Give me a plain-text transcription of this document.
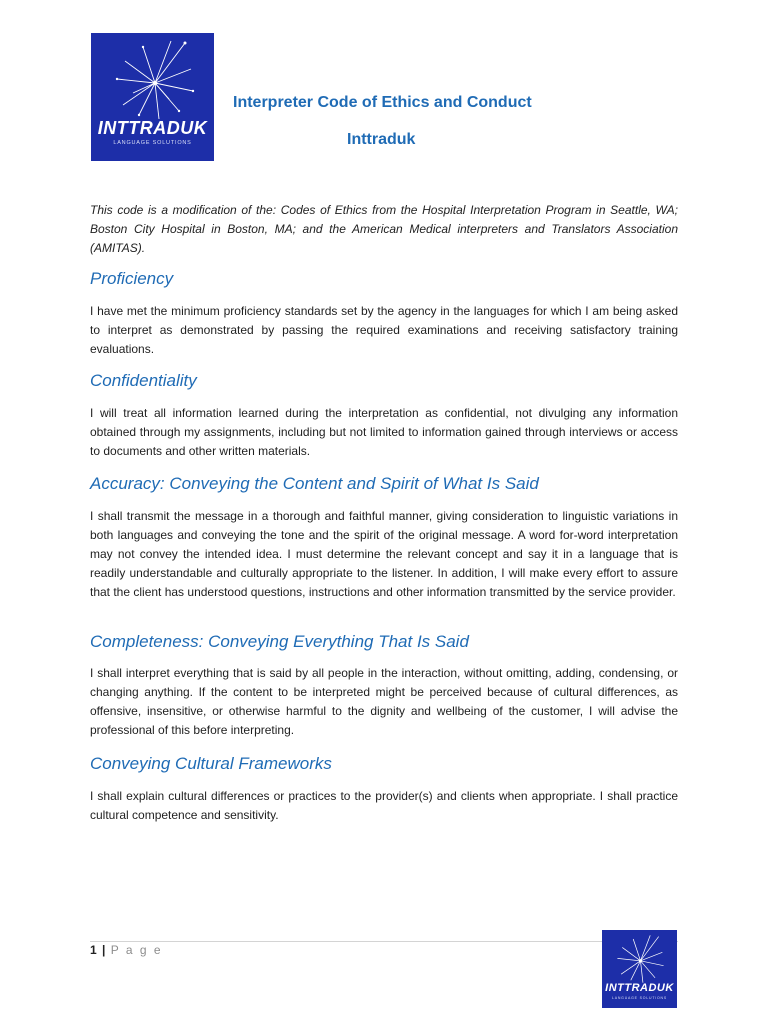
INTTRADUK
LANGUAGE SOLUTIONS
Interpreter Code of Ethics and Conduct
Inttraduk

This code is a modification of the: Codes of Ethics from the Hospital Interpretation Program in Seattle, WA; Boston City Hospital in Boston, MA; and the American Medical interpreters and Translators Association (AMITAS).

Proficiency

I have met the minimum proficiency standards set by the agency in the languages for which I am being asked to interpret as demonstrated by passing the required examinations and receiving satisfactory training evaluations.

Confidentiality

I will treat all information learned during the interpretation as confidential, not divulging any information obtained through my assignments, including but not limited to information gained through interviews or access to documents and other written materials.

Accuracy: Conveying the Content and Spirit of What Is Said

I shall transmit the message in a thorough and faithful manner, giving consideration to linguistic variations in both languages and conveying the tone and the spirit of the original message. A word for-word interpretation may not convey the intended idea. I must determine the relevant concept and say it in a language that is readily understandable and culturally appropriate to the listener. In addition, I will make every effort to assure that the client has understood questions, instructions and other information transmitted by the service provider.

Completeness: Conveying Everything That Is Said

I shall interpret everything that is said by all people in the interaction, without omitting, adding, condensing, or changing anything. If the content to be interpreted might be perceived because of cultural differences, as offensive, insensitive, or otherwise harmful to the dignity and wellbeing of the customer, I will advise the professional of this before interpreting.

Conveying Cultural Frameworks

I shall explain cultural differences or practices to the provider(s) and clients when appropriate. I shall practice cultural competence and sensitivity.

1 | P a g e
INTTRADUK
LANGUAGE SOLUTIONS
